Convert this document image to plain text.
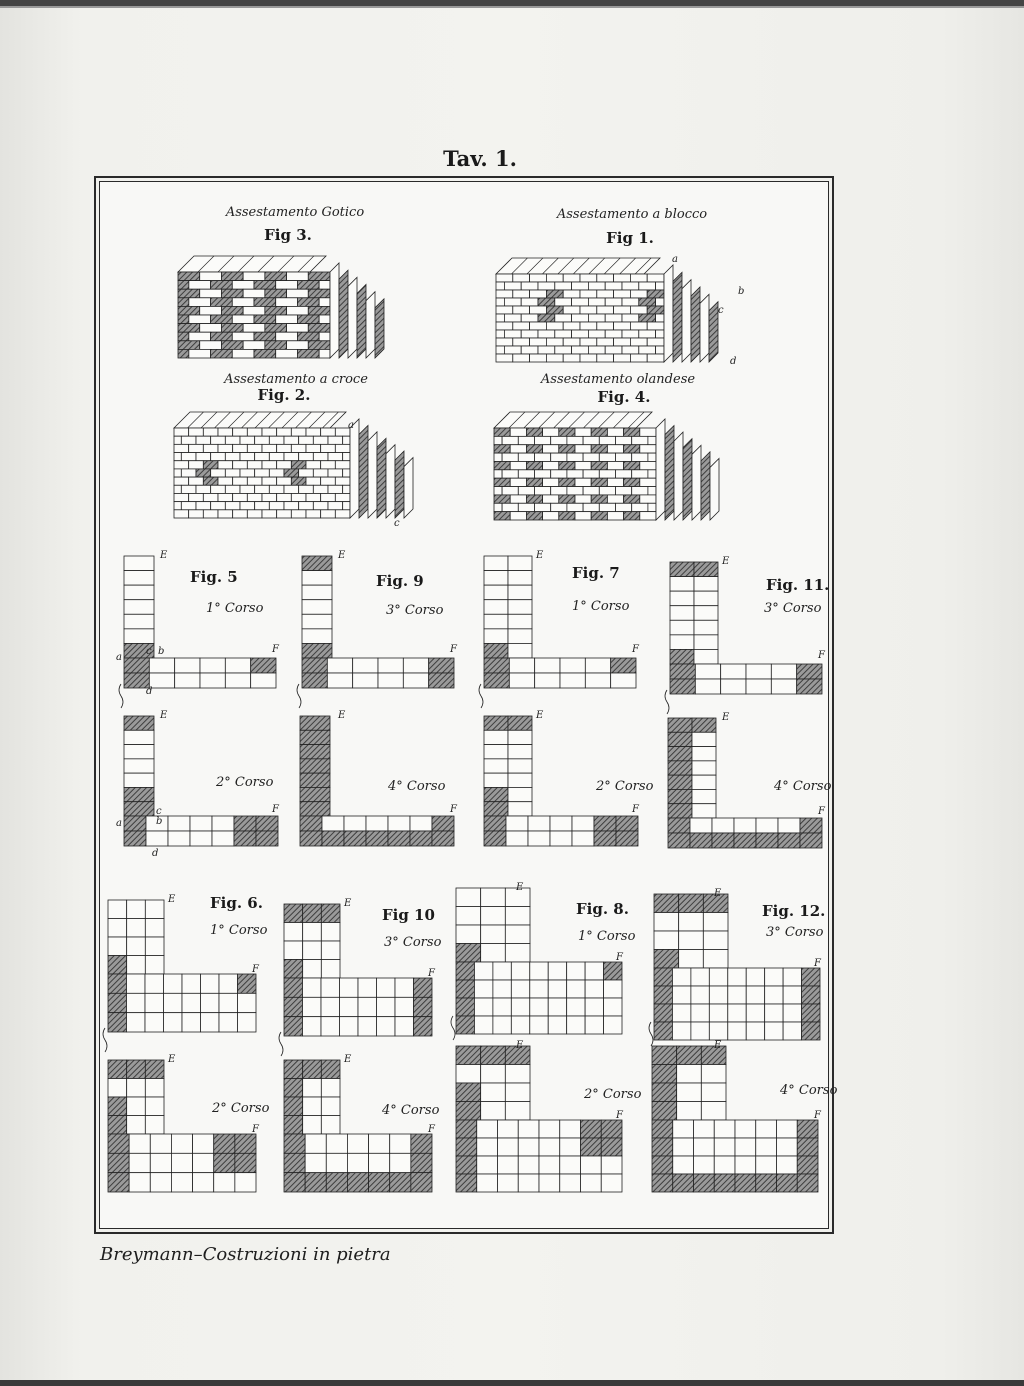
Tav. 1.
Assestamento Gotico
Fig 3.
Assestamento a blocco
Fig 1.
a
b
c
d
Assestamento a croce
Fig. 2.
a
c
Assestamento olandese
Fig. 4.
Fig. 5
1° Corso
2° Corso
E
E
F
F
Fig. 9
3° Corso
4° Corso
E
E
F
F
Fig. 7
1° Corso
2° Corso
E
E
F
F
Fig. 11.
3° Corso
4° Corso
E
E
F
F
Fig. 6.
1° Corso
2° Corso
E
E
F
F
Fig 10
3° Corso
4° Corso
E
E
F
F
Fig. 8.
1° Corso
2° Corso
E
E
F
F
Fig. 12.
3° Corso
4° Corso
E
E
F
F
a
b
c
d
a	b
c
d
Breymann–Costruzioni in pietra
